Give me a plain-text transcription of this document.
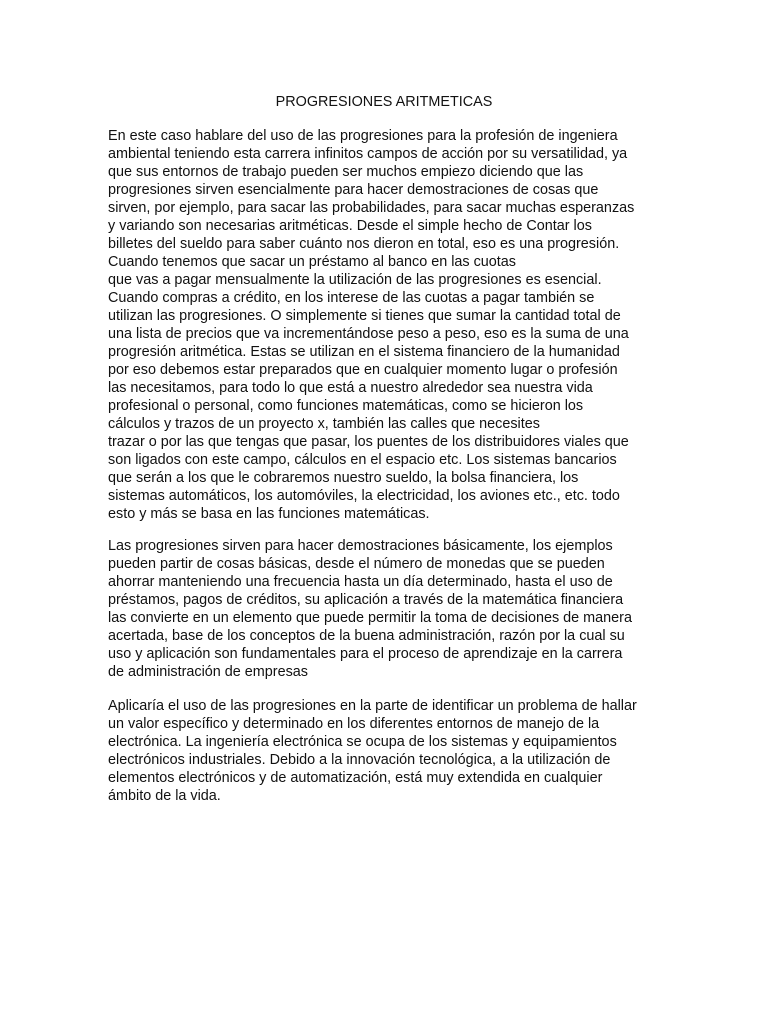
PROGRESIONES ARITMETICAS
En este caso hablare del uso de las progresiones para la profesión de ingeniera
ambiental teniendo esta carrera infinitos campos de acción por su versatilidad, ya
que sus entornos de trabajo pueden ser muchos empiezo diciendo que las
progresiones sirven esencialmente para hacer demostraciones de cosas que
sirven, por ejemplo, para sacar las probabilidades, para sacar muchas esperanzas
y variando son necesarias aritméticas. Desde el simple hecho de Contar los
billetes del sueldo para saber cuánto nos dieron en total, eso es una progresión.
Cuando tenemos que sacar un préstamo al banco en las cuotas
que vas a pagar mensualmente la utilización de las progresiones es esencial.
Cuando compras a crédito, en los interese de las cuotas a pagar también se
utilizan las progresiones. O simplemente si tienes que sumar la cantidad total de
una lista de precios que va incrementándose peso a peso, eso es la suma de una
progresión aritmética. Estas se utilizan en el sistema financiero de la humanidad
por eso debemos estar preparados que en cualquier momento lugar o profesión
las necesitamos, para todo lo que está a nuestro alrededor sea nuestra vida
profesional o personal, como funciones matemáticas, como se hicieron los
cálculos y trazos de un proyecto x, también las calles que necesites
trazar o por las que tengas que pasar, los puentes de los distribuidores viales que
son ligados con este campo, cálculos en el espacio etc. Los sistemas bancarios
que serán a los que le cobraremos nuestro sueldo, la bolsa financiera, los
sistemas automáticos, los automóviles, la electricidad, los aviones etc., etc. todo
esto y más se basa en las funciones matemáticas.
Las progresiones sirven para hacer demostraciones básicamente, los ejemplos
pueden partir de cosas básicas, desde el número de monedas que se pueden
ahorrar manteniendo una frecuencia hasta un día determinado, hasta el uso de
préstamos, pagos de créditos, su aplicación a través de la matemática financiera
las convierte en un elemento que puede permitir la toma de decisiones de manera
acertada, base de los conceptos de la buena administración, razón por la cual su
uso y aplicación son fundamentales para el proceso de aprendizaje en la carrera
de administración de empresas
Aplicaría el uso de las progresiones en la parte de identificar un problema de hallar
un valor específico y determinado en los diferentes entornos de manejo de la
electrónica. La ingeniería electrónica se ocupa de los sistemas y equipamientos
electrónicos industriales. Debido a la innovación tecnológica, a la utilización de
elementos electrónicos y de automatización, está muy extendida en cualquier
ámbito de la vida.
